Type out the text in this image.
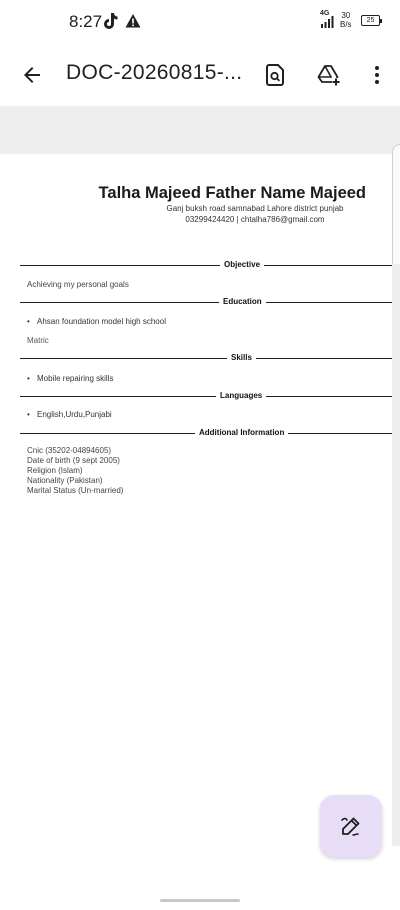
8:27	4G 30
B/s	25
DOC-20260815-...
Talha Majeed Father Name Majeed
Ganj buksh road samnabad Lahore district punjab
03299424420 | chtalha786@gmail.com
Objective
Achieving my personal goals
Education
• Ahsan foundation model high school
Matric
Skills
• Mobile repairing skills
Languages
• English,Urdu,Punjabi
Additional Information
Cnic (35202-04894605)
Date of birth (9 sept 2005)
Religion (Islam)
Nationality (Pakistan)
Marital Status (Un-married)
